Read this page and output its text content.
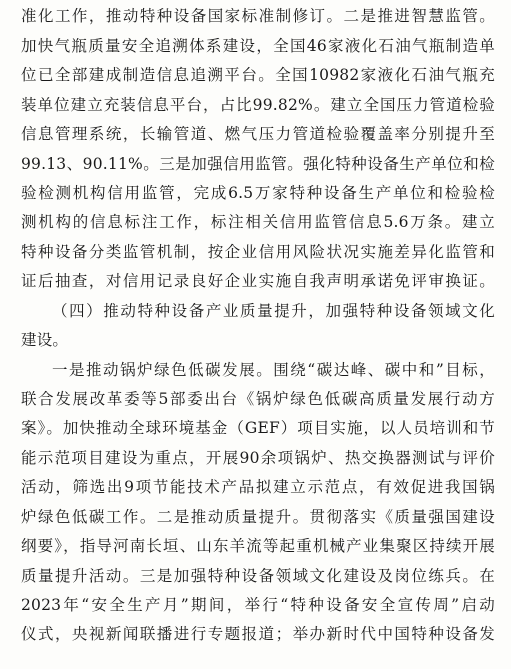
准化工作，推动特种设备国家标准制修订。二是推进智慧监管。
加快气瓶质量安全追溯体系建设，全国46家液化石油气瓶制造单
位已全部建成制造信息追溯平台。全国10982家液化石油气瓶充
装单位建立充装信息平台，占比99.82%。建立全国压力管道检验
信息管理系统，长输管道、燃气压力管道检验覆盖率分别提升至
99.13、90.11%。三是加强信用监管。强化特种设备生产单位和检
验检测机构信用监管，完成6.5万家特种设备生产单位和检验检
测机构的信息标注工作，标注相关信用监管信息5.6万条。建立
特种设备分类监管机制，按企业信用风险状况实施差异化监管和
证后抽查，对信用记录良好企业实施自我声明承诺免评审换证。
（四）推动特种设备产业质量提升，加强特种设备领域文化
建设。
一是推动锅炉绿色低碳发展。围绕“碳达峰、碳中和”目标，
联合发展改革委等5部委出台《锅炉绿色低碳高质量发展行动方
案》。加快推动全球环境基金（GEF）项目实施，以人员培训和节
能示范项目建设为重点，开展90余项锅炉、热交换器测试与评价
活动，筛选出9项节能技术产品拟建立示范点，有效促进我国锅
炉绿色低碳工作。二是推动质量提升。贯彻落实《质量强国建设
纲要》，指导河南长垣、山东羊流等起重机械产业集聚区持续开展
质量提升活动。三是加强特种设备领域文化建设及岗位练兵。在
2023年“安全生产月”期间，举行“特种设备安全宣传周”启动
仪式，央视新闻联播进行专题报道；举办新时代中国特种设备发
